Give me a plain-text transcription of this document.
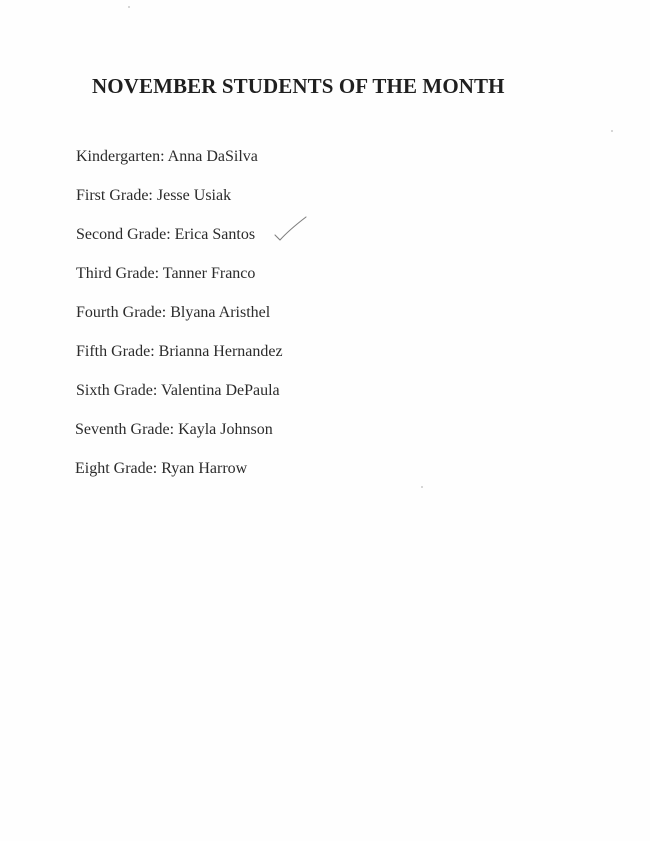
NOVEMBER STUDENTS OF THE MONTH
Kindergarten: Anna DaSilva
First Grade: Jesse Usiak
Second Grade: Erica Santos
Third Grade: Tanner Franco
Fourth Grade: Blyana Aristhel
Fifth Grade: Brianna Hernandez
Sixth Grade: Valentina DePaula
Seventh Grade: Kayla Johnson
Eight Grade: Ryan Harrow
